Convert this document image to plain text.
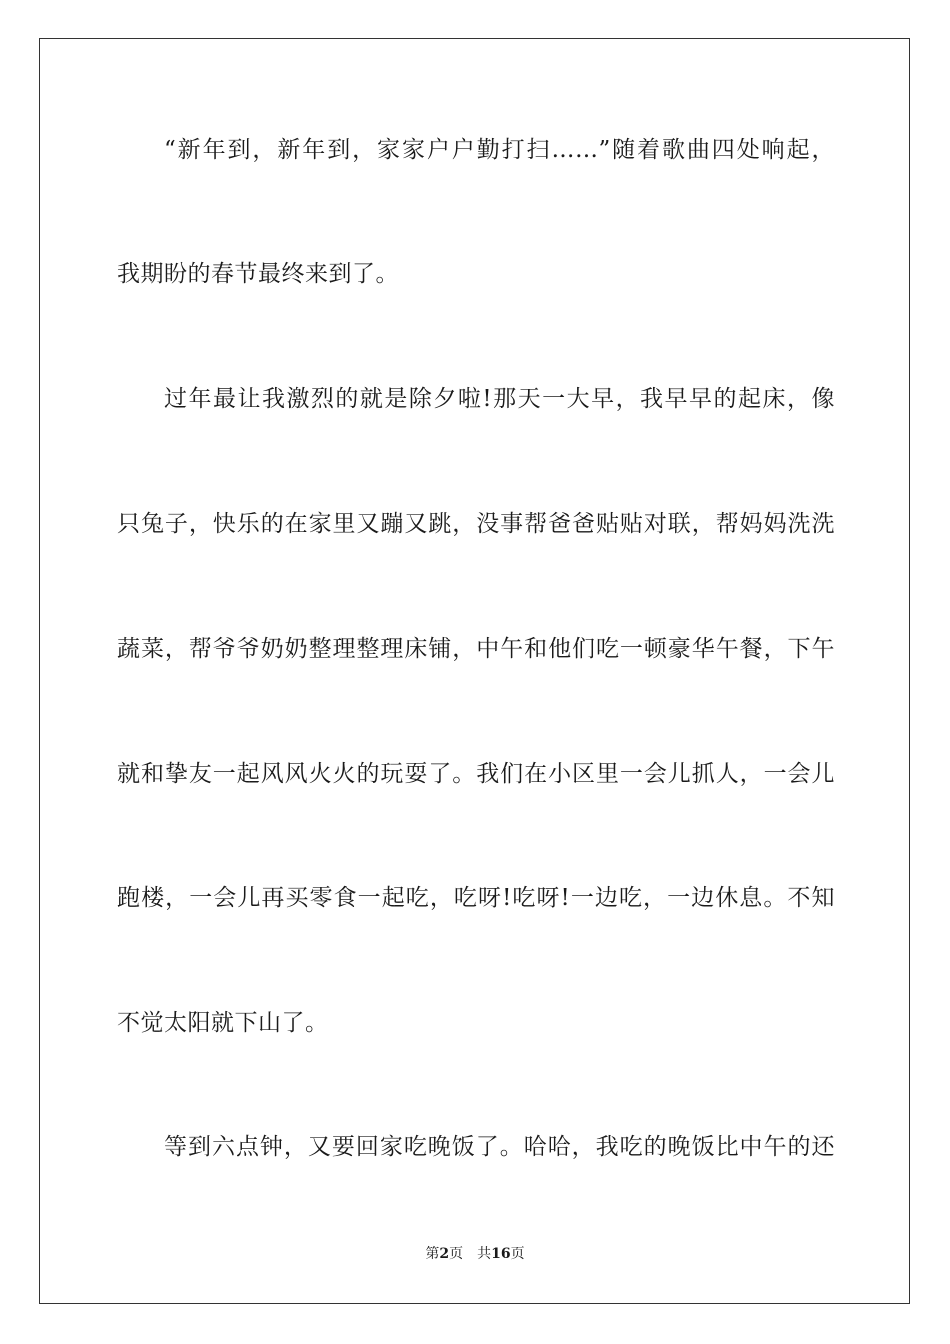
“新年到，新年到，家家户户勤打扫……”随着歌曲四处响起，
我期盼的春节最终来到了。
过年最让我激烈的就是除夕啦!那天一大早，我早早的起床，像
只兔子，快乐的在家里又蹦又跳，没事帮爸爸贴贴对联，帮妈妈洗洗
蔬菜，帮爷爷奶奶整理整理床铺，中午和他们吃一顿豪华午餐，下午
就和挚友一起风风火火的玩耍了。我们在小区里一会儿抓人，一会儿
跑楼，一会儿再买零食一起吃，吃呀!吃呀!一边吃，一边休息。不知
不觉太阳就下山了。
等到六点钟，又要回家吃晚饭了。哈哈，我吃的晚饭比中午的还
第2页 共16页
